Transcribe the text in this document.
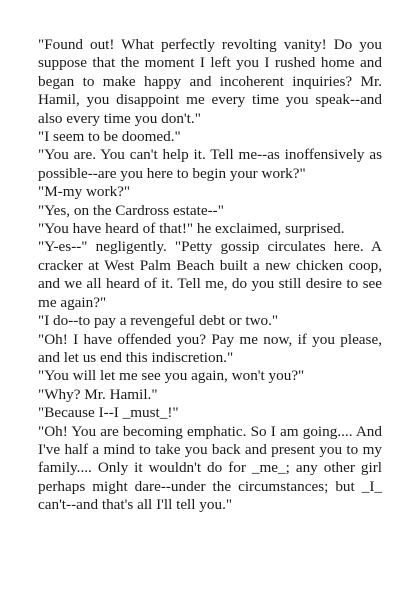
"Found out! What perfectly revolting vanity! Do you suppose that the moment I left you I rushed home and began to make happy and incoherent inquiries? Mr. Hamil, you disappoint me every time you speak--and also every time you don't."

"I seem to be doomed."

"You are. You can't help it. Tell me--as inoffensively as possible--are you here to begin your work?"

"M-my work?"

"Yes, on the Cardross estate--"

"You have heard of that!" he exclaimed, surprised.

"Y-es--" negligently. "Petty gossip circulates here. A cracker at West Palm Beach built a new chicken coop, and we all heard of it. Tell me, do you still desire to see me again?"

"I do--to pay a revengeful debt or two."

"Oh! I have offended you? Pay me now, if you please, and let us end this indiscretion."

"You will let me see you again, won't you?"

"Why? Mr. Hamil."

"Because I--I _must_!"

"Oh! You are becoming emphatic. So I am going.... And I've half a mind to take you back and present you to my family.... Only it wouldn't do for _me_; any other girl perhaps might dare--under the circumstances; but _I_ can't--and that's all I'll tell you."
